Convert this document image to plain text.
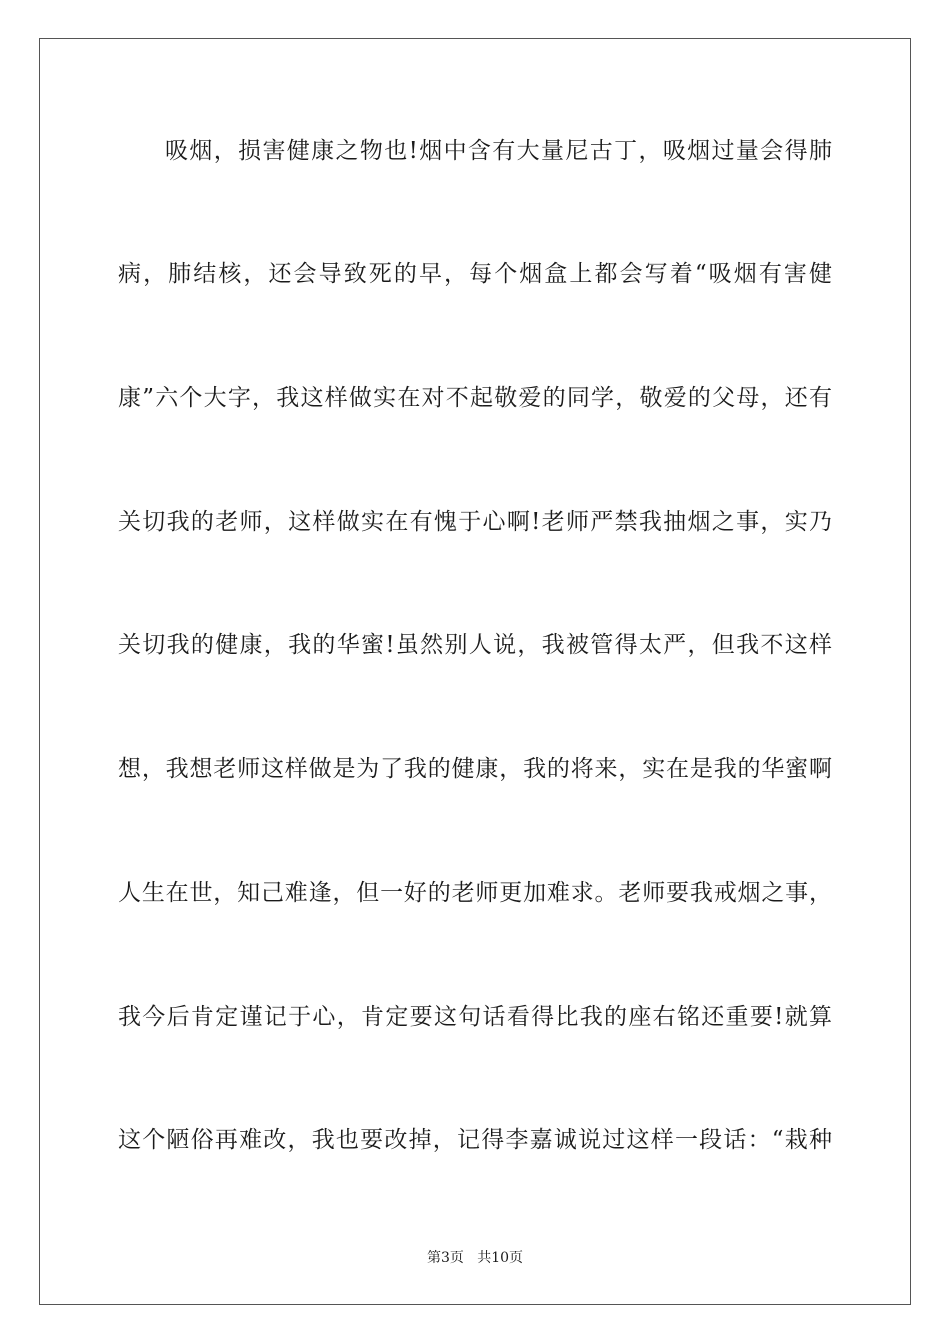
吸烟，损害健康之物也!烟中含有大量尼古丁，吸烟过量会得肺
病，肺结核，还会导致死的早，每个烟盒上都会写着“吸烟有害健
康”六个大字，我这样做实在对不起敬爱的同学，敬爱的父母，还有
关切我的老师，这样做实在有愧于心啊!老师严禁我抽烟之事，实乃
关切我的健康，我的华蜜!虽然别人说，我被管得太严，但我不这样
想，我想老师这样做是为了我的健康，我的将来，实在是我的华蜜啊
人生在世，知己难逢，但一好的老师更加难求。老师要我戒烟之事，
我今后肯定谨记于心，肯定要这句话看得比我的座右铭还重要!就算
这个陋俗再难改，我也要改掉，记得李嘉诚说过这样一段话：“栽种
第3页   共10页
